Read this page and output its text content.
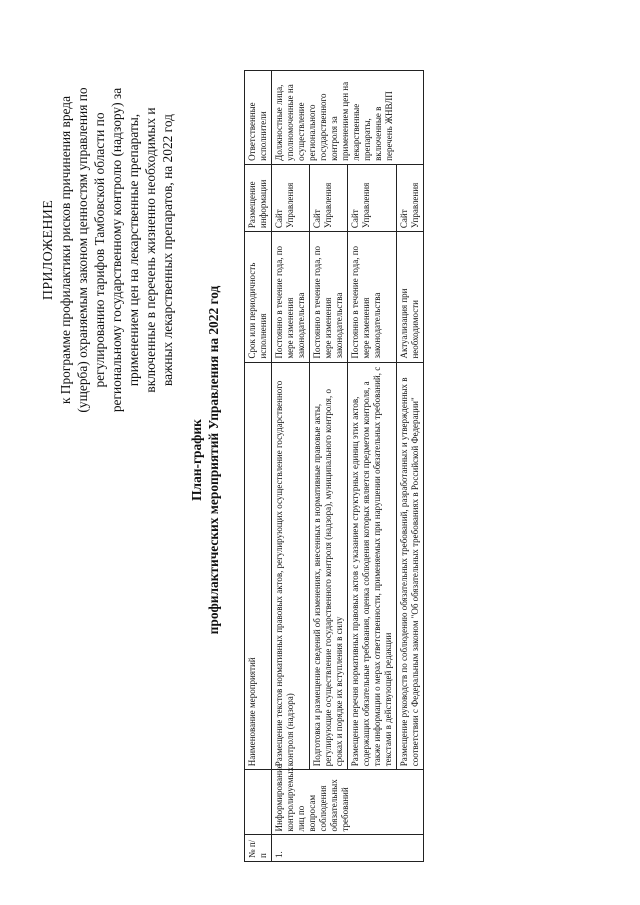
ПРИЛОЖЕНИЕ к Программе профилактики рисков причинения вреда (ущерба) охраняемым законом ценностям управления по регулированию тарифов Тамбовской области по региональному государственному контролю (надзору) за применением цен на лекарственные препараты, включенные в перечень жизненно необходимых и важных лекарственных препаратов, на 2022 год
План-график профилактических мероприятий Управления на 2022 год
№ п/п		Наименование мероприятий	Срок или периодичность исполнения	Размещение информации	Ответственные исполнители
1.	Информирование контролируемых лиц по вопросам соблюдения обязательных требований	Размещение текстов нормативных правовых актов, регулирующих осуществление государственного контроля (надзора)	Постоянно в течение года, по мере изменения законодательства	Сайт Управления	Должностные лица, уполномоченные на осуществление регионального государственного контроля за применением цен на лекарственные препараты, включенные в перечень ЖНВЛП
		Подготовка и размещение сведений об изменениях, внесенных в нормативные правовые акты, регулирующие осуществление государственного контроля (надзора), муниципального контроля, о сроках и порядке их вступления в силу	Постоянно в течение года, по мере изменения законодательства	Сайт Управления	
		Размещение перечня нормативных правовых актов с указанием структурных единиц этих актов, содержащих обязательные требования, оценка соблюдения которых является предметом контроля, а также информации о мерах ответственности, применяемых при нарушении обязательных требований, с текстами в действующей редакции	Постоянно в течение года, по мере изменения законодательства	Сайт Управления	
		Размещение руководств по соблюдению обязательных требований, разработанных и утвержденных в соответствии с Федеральным законом "Об обязательных требованиях в Российской Федерации"	Актуализация при необходимости	Сайт Управления	
